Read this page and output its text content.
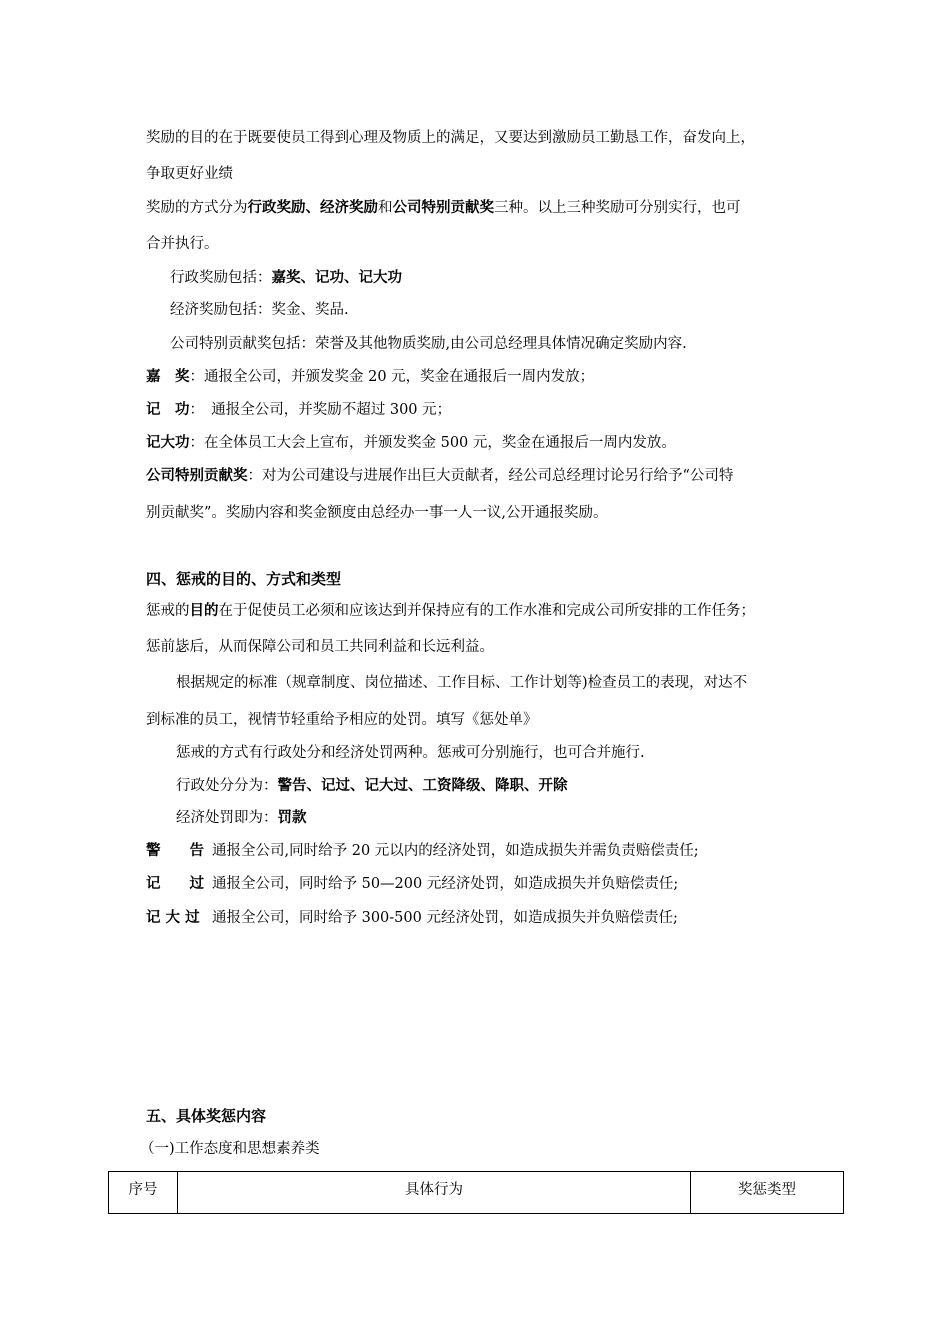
奖励的目的在于既要使员工得到心理及物质上的满足，又要达到激励员工勤恳工作，奋发向上，
争取更好业绩
奖励的方式分为行政奖励、经济奖励和公司特别贡献奖三种。以上三种奖励可分别实行，也可
合并执行。
行政奖励包括：嘉奖、记功、记大功
经济奖励包括：奖金、奖品.
公司特别贡献奖包括：荣誉及其他物质奖励,由公司总经理具体情况确定奖励内容.
嘉　奖：通报全公司，并颁发奖金 20 元，奖金在通报后一周内发放；
记　功：　通报全公司，并奖励不超过 300 元；
记大功：在全体员工大会上宣布，并颁发奖金 500 元，奖金在通报后一周内发放。
公司特别贡献奖：对为公司建设与进展作出巨大贡献者，经公司总经理讨论另行给予“公司特
别贡献奖”。奖励内容和奖金额度由总经办一事一人一议,公开通报奖励。
四、惩戒的目的、方式和类型
惩戒的目的在于促使员工必须和应该达到并保持应有的工作水准和完成公司所安排的工作任务；
惩前毖后，从而保障公司和员工共同利益和长远利益。
根据规定的标准（规章制度、岗位描述、工作目标、工作计划等)检查员工的表现，对达不
到标准的员工，视情节轻重给予相应的处罚。填写《惩处单》
惩戒的方式有行政处分和经济处罚两种。惩戒可分别施行，也可合并施行.
行政处分分为：警告、记过、记大过、工资降级、降职、开除
经济处罚即为：罚款
警　　告 通报全公司,同时给予 20 元以内的经济处罚，如造成损失并需负责赔偿责任;
记　　过 通报全公司，同时给予 50—200 元经济处罚，如造成损失并负赔偿责任;
记 大 过 通报全公司，同时给予 300-500 元经济处罚，如造成损失并负赔偿责任;
五、具体奖惩内容
（一)工作态度和思想素养类
序号	具体行为	奖惩类型
